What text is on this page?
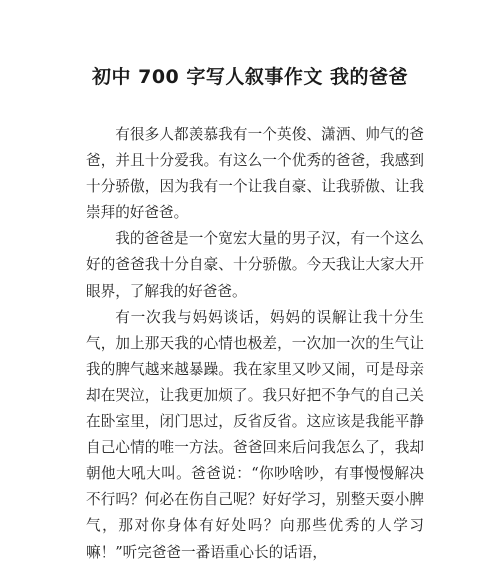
初中 700 字写人叙事作文 我的爸爸

有很多人都羡慕我有一个英俊、潇洒、帅气的爸爸，并且十分爱我。有这么一个优秀的爸爸，我感到十分骄傲，因为我有一个让我自豪、让我骄傲、让我崇拜的好爸爸。

我的爸爸是一个宽宏大量的男子汉，有一个这么好的爸爸我十分自豪、十分骄傲。今天我让大家大开眼界，了解我的好爸爸。

有一次我与妈妈谈话，妈妈的误解让我十分生气，加上那天我的心情也极差，一次加一次的生气让我的脾气越来越暴躁。我在家里又吵又闹，可是母亲却在哭泣，让我更加烦了。我只好把不争气的自己关在卧室里，闭门思过，反省反省。这应该是我能平静自己心情的唯一方法。爸爸回来后问我怎么了，我却朝他大吼大叫。爸爸说：“你吵啥吵，有事慢慢解决不行吗？何必在伤自己呢？好好学习，别整天耍小脾气，那对你身体有好处吗？向那些优秀的人学习嘛！”听完爸爸一番语重心长的话语，
